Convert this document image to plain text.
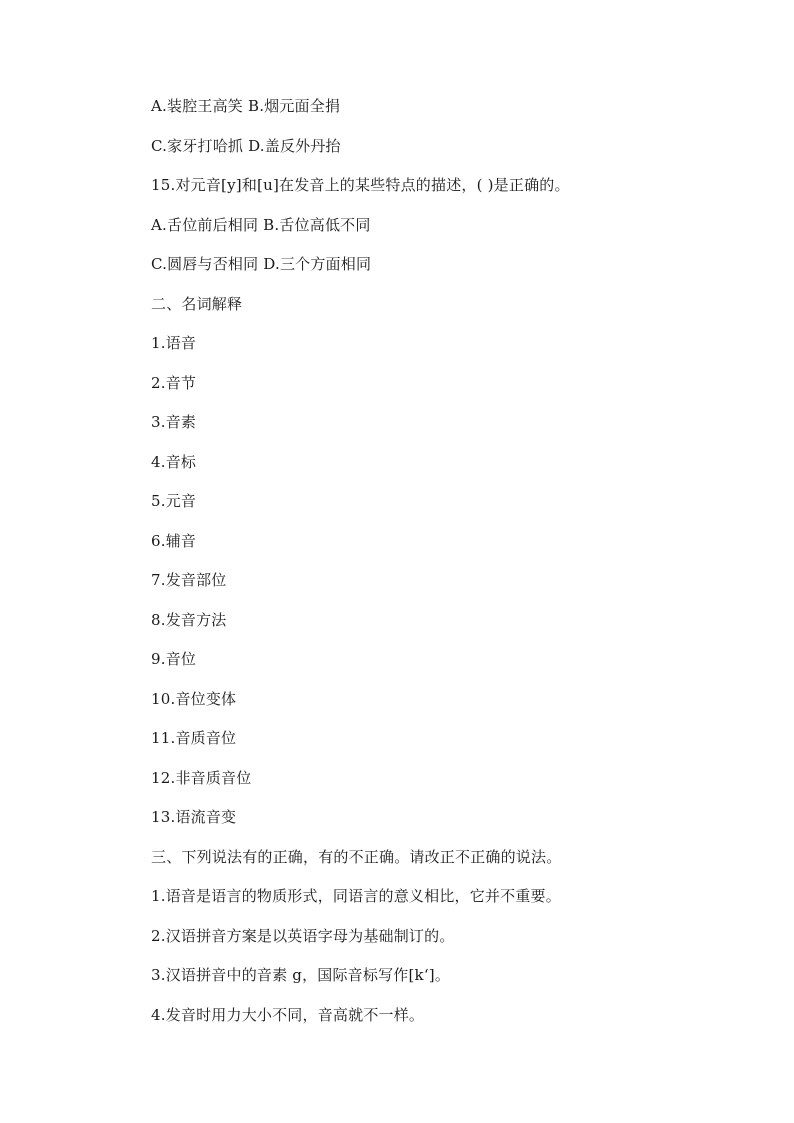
A.装腔王高笑 B.烟元面全捐
C.家牙打哈抓 D.盖反外丹抬
15.对元音[y]和[u]在发音上的某些特点的描述，( )是正确的。
A.舌位前后相同 B.舌位高低不同
C.圆唇与否相同 D.三个方面相同
二、名词解释
1.语音
2.音节
3.音素
4.音标
5.元音
6.辅音
7.发音部位
8.发音方法
9.音位
10.音位变体
11.音质音位
12.非音质音位
13.语流音变
三、下列说法有的正确，有的不正确。请改正不正确的说法。
1.语音是语言的物质形式，同语言的意义相比，它并不重要。
2.汉语拼音方案是以英语字母为基础制订的。
3.汉语拼音中的音素 g，国际音标写作[k‘]。
4.发音时用力大小不同，音高就不一样。
